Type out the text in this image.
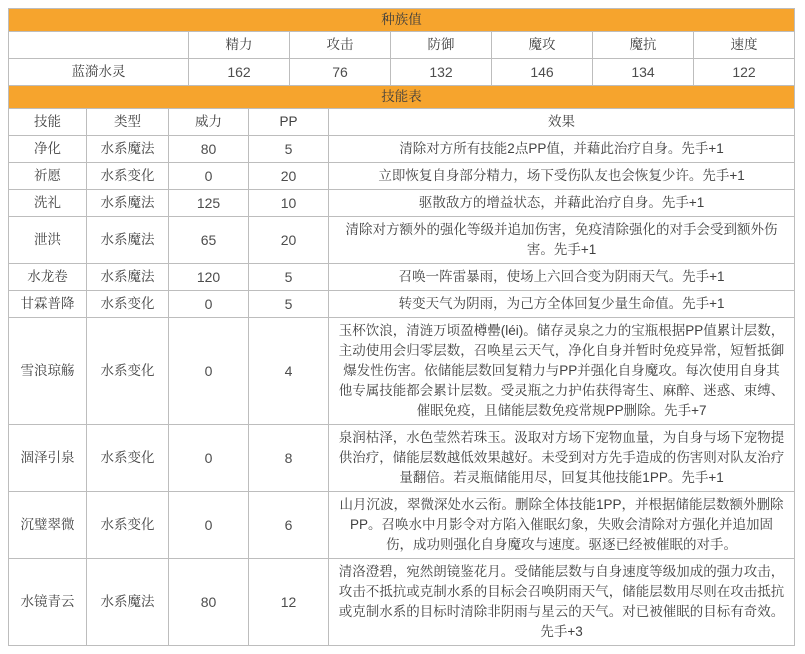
种族值						
	精力	攻击	防御	魔攻	魔抗	速度
蓝漪水灵	162	76	132	146	134	122
技能表				
技能	类型	威力	PP	效果
净化	水系魔法	80	5	清除对方所有技能2点PP值，并藉此治疗自身。先手+1
祈愿	水系变化	0	20	立即恢复自身部分精力，场下受伤队友也会恢复少许。先手+1
洗礼	水系魔法	125	10	驱散敌方的增益状态，并藉此治疗自身。先手+1
泄洪	水系魔法	65	20	清除对方额外的强化等级并追加伤害，免疫清除强化的对手会受到额外伤害。先手+1
水龙卷	水系魔法	120	5	召唤一阵雷暴雨，使场上六回合变为阴雨天气。先手+1
甘霖普降	水系变化	0	5	转变天气为阴雨，为己方全体回复少量生命值。先手+1
雪浪琼觞	水系变化	0	4	玉杯饮浪，清涟万顷盈樽罍(léi)。储存灵泉之力的宝瓶根据PP值累计层数，主动使用会归零层数，召唤星云天气，净化自身并暂时免疫异常，短暂抵御爆发性伤害。依储能层数回复精力与PP并强化自身魔攻。每次使用自身其他专属技能都会累计层数。受灵瓶之力护佑获得寄生、麻醉、迷惑、束缚、催眠免疫，且储能层数免疫常规PP删除。先手+7
涸泽引泉	水系变化	0	8	泉润枯泽，水色莹然若珠玉。汲取对方场下宠物血量，为自身与场下宠物提供治疗，储能层数越低效果越好。未受到对方先手造成的伤害则对队友治疗量翻倍。若灵瓶储能用尽，回复其他技能1PP。先手+1
沉璧翠微	水系变化	0	6	山月沉波，翠微深处水云衔。删除全体技能1PP，并根据储能层数额外删除PP。召唤水中月影令对方陷入催眠幻象，失败会清除对方强化并追加固伤，成功则强化自身魔攻与速度。驱逐已经被催眠的对手。
水镜青云	水系魔法	80	12	清洛澄碧，宛然朗镜鉴花月。受储能层数与自身速度等级加成的强力攻击，攻击不抵抗或克制水系的目标会召唤阴雨天气，储能层数用尽则在攻击抵抗或克制水系的目标时清除非阴雨与星云的天气。对已被催眠的目标有奇效。先手+3
